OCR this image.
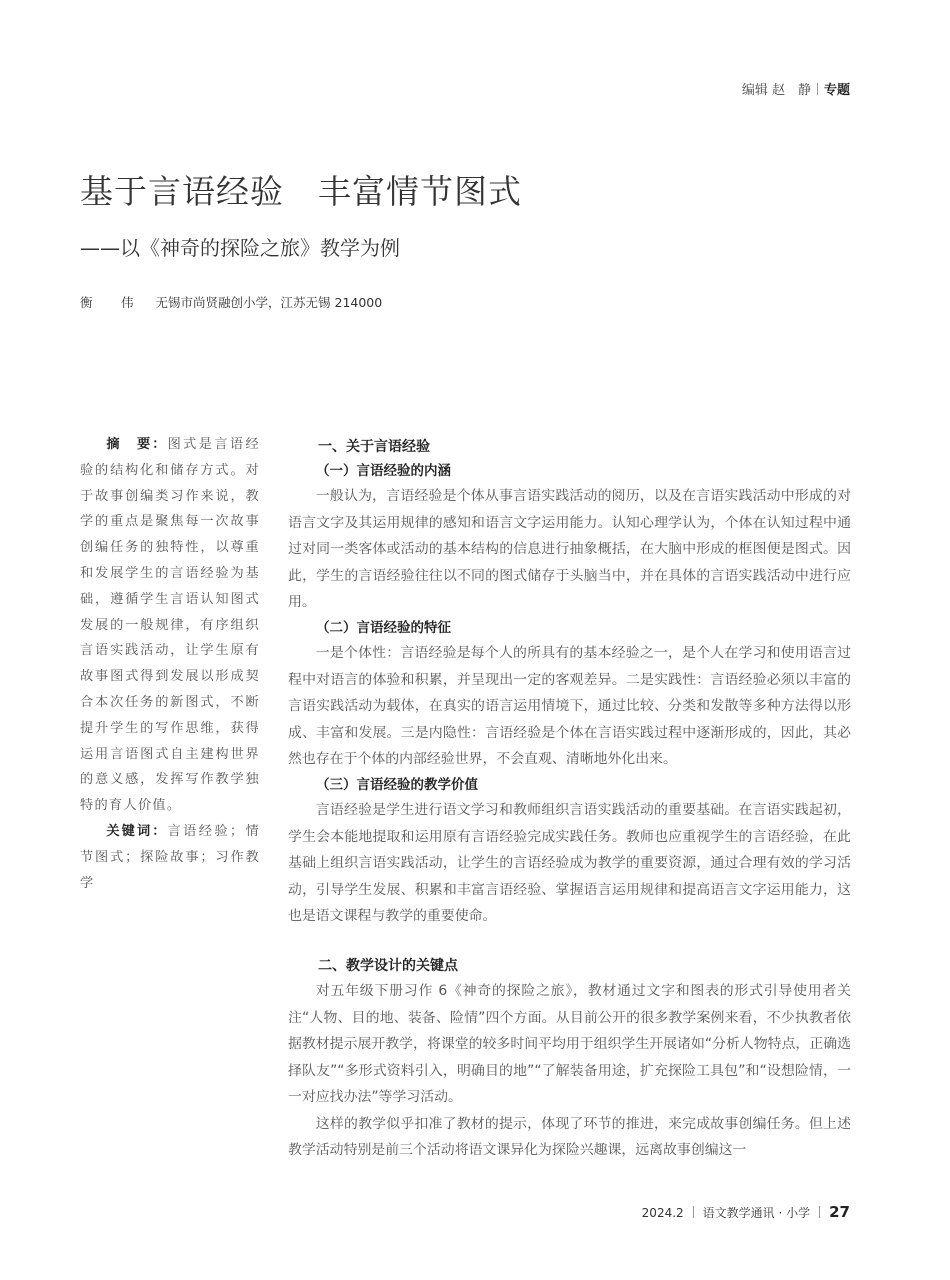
编辑 赵　静 专题
基于言语经验　丰富情节图式
——以《神奇的探险之旅》教学为例
衡　伟 无锡市尚贤融创小学，江苏无锡 214000

摘　要：图式是言语经验的结构化和储存方式。对于故事创编类习作来说，教学的重点是聚焦每一次故事创编任务的独特性，以尊重和发展学生的言语经验为基础，遵循学生言语认知图式发展的一般规律，有序组织言语实践活动，让学生原有故事图式得到发展以形成契合本次任务的新图式，不断提升学生的写作思维，获得运用言语图式自主建构世界的意义感，发挥写作教学独特的育人价值。

关键词：言语经验；情节图式；探险故事；习作教学

一、关于言语经验
（一）言语经验的内涵

一般认为，言语经验是个体从事言语实践活动的阅历，以及在言语实践活动中形成的对语言文字及其运用规律的感知和语言文字运用能力。认知心理学认为，个体在认知过程中通过对同一类客体或活动的基本结构的信息进行抽象概括，在大脑中形成的框图便是图式。因此，学生的言语经验往往以不同的图式储存于头脑当中，并在具体的言语实践活动中进行应用。

（二）言语经验的特征

一是个体性：言语经验是每个人的所具有的基本经验之一，是个人在学习和使用语言过程中对语言的体验和积累，并呈现出一定的客观差异。二是实践性：言语经验必须以丰富的言语实践活动为载体，在真实的语言运用情境下，通过比较、分类和发散等多种方法得以形成、丰富和发展。三是内隐性：言语经验是个体在言语实践过程中逐渐形成的，因此，其必然也存在于个体的内部经验世界，不会直观、清晰地外化出来。

（三）言语经验的教学价值

言语经验是学生进行语文学习和教师组织言语实践活动的重要基础。在言语实践起初，学生会本能地提取和运用原有言语经验完成实践任务。教师也应重视学生的言语经验，在此基础上组织言语实践活动，让学生的言语经验成为教学的重要资源，通过合理有效的学习活动，引导学生发展、积累和丰富言语经验、掌握语言运用规律和提高语言文字运用能力，这也是语文课程与教学的重要使命。

二、教学设计的关键点

对五年级下册习作 6《神奇的探险之旅》，教材通过文字和图表的形式引导使用者关注“人物、目的地、装备、险情”四个方面。从目前公开的很多教学案例来看，不少执教者依据教材提示展开教学，将课堂的较多时间平均用于组织学生开展诸如“分析人物特点，正确选择队友”“多形式资料引入，明确目的地”“了解装备用途，扩充探险工具包”和“设想险情，一一对应找办法”等学习活动。

这样的教学似乎扣准了教材的提示，体现了环节的推进，来完成故事创编任务。但上述教学活动特别是前三个活动将语文课异化为探险兴趣课，远离故事创编这一

2024.2 语文教学通讯 · 小学 27
